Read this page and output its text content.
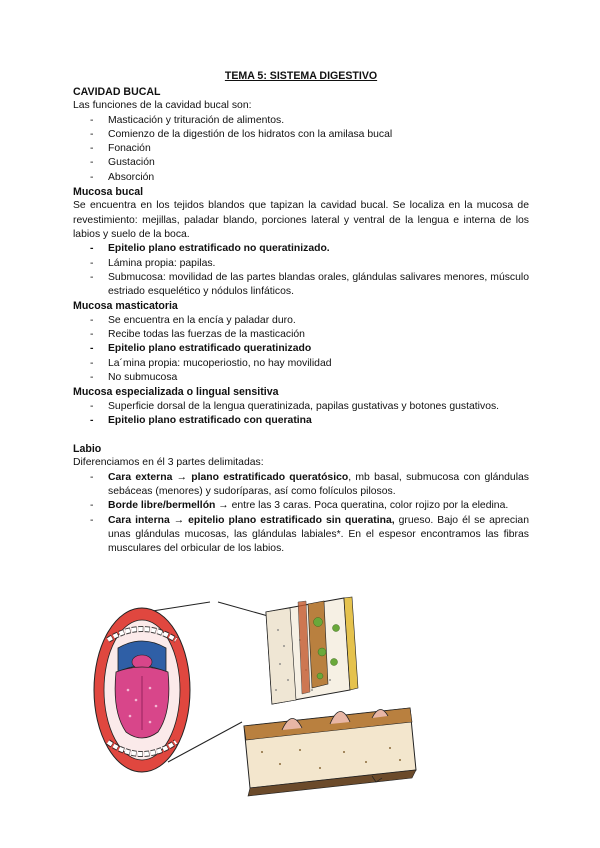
TEMA 5: SISTEMA DIGESTIVO

CAVIDAD BUCAL

Las funciones de la cavidad bucal son:

- Masticación y trituración de alimentos.
- Comienzo de la digestión de los hidratos con la amilasa bucal
- Fonación
- Gustación
- Absorción

Mucosa bucal

Se encuentra en los tejidos blandos que tapizan la cavidad bucal. Se localiza en la mucosa de revestimiento: mejillas, paladar blando, porciones lateral y ventral de la lengua e interna de los labios y suelo de la boca.

- Epitelio plano estratificado no queratinizado.
- Lámina propia: papilas.
- Submucosa: movilidad de las partes blandas orales, glándulas salivares menores, músculo estriado esquelético y nódulos linfáticos.

Mucosa masticatoria

- Se encuentra en la encía y paladar duro.
- Recibe todas las fuerzas de la masticación
- Epitelio plano estratificado queratinizado
- La´mina propia: mucoperiostio, no hay movilidad
- No submucosa

Mucosa especializada o lingual sensitiva

- Superficie dorsal de la lengua queratinizada, papilas gustativas y botones gustativos.
- Epitelio plano estratificado con queratina

Labio

Diferenciamos en él 3 partes delimitadas:

- Cara externa → plano estratificado queratósico, mb basal, submucosa con glándulas sebáceas (menores) y sudoríparas, así como folículos pilosos.
- Borde libre/bermellón → entre las 3 caras. Poca queratina, color rojizo por la eledina.
- Cara interna → epitelio plano estratificado sin queratina, grueso. Bajo él se aprecian unas glándulas mucosas, las glándulas labiales*. En el espesor encontramos las fibras musculares del orbicular de los labios.
